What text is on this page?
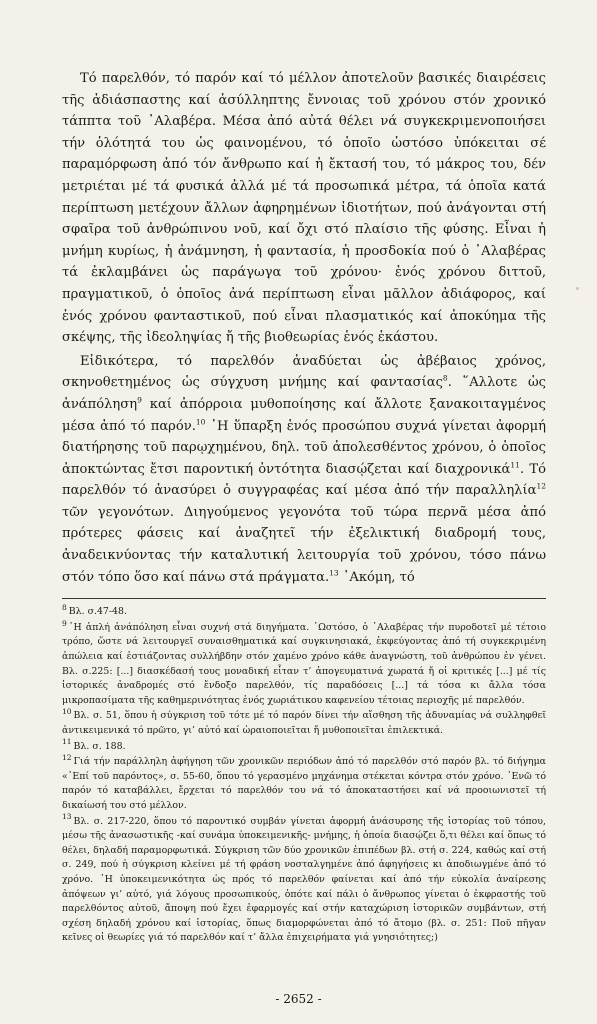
Τό παρελθόν, τό παρόν καί τό μέλλον ἀποτελοῦν βασικές διαιρέσεις τῆς ἀδιάσπαστης καί ἀσύλληπτης ἔννοιας τοῦ χρόνου στόν χρονικό τάππτα τοῦ ᾿Αλαβέρα. Μέσα ἀπό αὐτά θέλει νά συγκεκριμενοποιήσει τήν ὁλότητά του ὡς φαινομένου, τό ὁποῖο ὡστόσο ὑπόκειται σέ παραμόρφωση ἀπό τόν ἄνθρωπο καί ἡ ἔκτασή του, τό μάκρος του, δέν μετριέται μέ τά φυσικά ἀλλά μέ τά προσωπικά μέτρα, τά ὁποῖα κατά περίπτωση μετέχουν ἄλλων ἀφηρημένων ἰδιοτήτων, πού ἀνάγονται στή σφαῖρα τοῦ ἀνθρώπινου νοῦ, καί ὄχι στό πλαίσιο τῆς φύσης. Εἶναι ἡ μνήμη κυρίως, ἡ ἀνάμνηση, ἡ φαντασία, ἡ προσδοκία πού ὁ ᾿Αλαβέρας τά ἐκλαμβάνει ὡς παράγωγα τοῦ χρόνου· ἑνός χρόνου διττοῦ, πραγματικοῦ, ὁ ὁποῖος ἀνά περίπτωση εἶναι μᾶλλον ἀδιάφορος, καί ἑνός χρόνου φανταστικοῦ, πού εἶναι πλασματικός καί ἀποκύημα τῆς σκέψης, τῆς ἰδεοληψίας ἤ τῆς βιοθεωρίας ἑνός ἑκάστου.

Εἰδικότερα, τό παρελθόν ἀναδύεται ὡς ἀβέβαιος χρόνος, σκηνοθετημένος ὡς σύγχυση μνήμης καί φαντασίας$^8$. ῞Αλλοτε ὡς ἀνάπόληση$^9$ καί ἀπόρροια μυθοποίησης καί ἄλλοτε ξανακοιταγμένος μέσα ἀπό τό παρόν.$^{10}$ ῾Η ὕπαρξη ἑνός προσώπου συχνά γίνεται ἀφορμή διατήρησης τοῦ παρῳχημένου, δηλ. τοῦ ἀπολεσθέντος χρόνου, ὁ ὁποῖος ἀποκτώντας ἔτσι παροντική ὀντότητα διασῴζεται καί διαχρονικά$^{11}$. Τό παρελθόν τό ἀνασύρει ὁ συγγραφέας καί μέσα ἀπό τήν παραλληλία$^{12}$ τῶν γεγονότων. Διηγούμενος γεγονότα τοῦ τώρα περνᾶ μέσα ἀπό πρότερες φάσεις καί ἀναζητεῖ τήν ἐξελικτική διαδρομή τους, ἀναδεικνύοντας τήν καταλυτική λειτουργία τοῦ χρόνου, τόσο πάνω στόν τόπο ὅσο καί πάνω στά πράγματα.$^{13}$ ᾿Ακόμη, τό

$^8$ Βλ. σ.47-48.
$^9$ ῾Η ἁπλή ἀνάπόληση εἶναι συχνή στά διηγήματα. ᾿Ωστόσο, ὁ ᾿Αλαβέρας τήν πυροδοτεῖ μέ τέτοιο τρόπο, ὥστε νά λειτουργεῖ συναισθηματικά καί συγκινησιακά, ἐκφεύγοντας ἀπό τή συγκεκριμένη ἀπώλεια καί ἑστιάζοντας συλλήβδην στόν χαμένο χρόνο κάθε ἀναγνώστη, τοῦ ἀνθρώπου ἐν γένει. Βλ. σ.225: [...] διασκέδασή τους μοναδική εἶταν τ’ ἀπογευματινά χωρατά ἤ οἱ κριτικές [...] μέ τίς ἱστορικές ἀναδρομές στό ἔνδοξο παρελθόν, τίς παραδόσεις [...] τά τόσα κι ἄλλα τόσα μικροπασίματα τῆς καθημερινότητας ἑνός χωριάτικου καφενείου τέτοιας περιοχῆς μέ παρελθόν.
$^{10}$ Βλ. σ. 51, ὅπου ἡ σύγκριση τοῦ τότε μέ τό παρόν δίνει τήν αἴσθηση τῆς ἀδυναμίας νά συλληφθεῖ ἀντικειμενικά τό πρῶτο, γι’ αὐτό καί ὡραιοποιεῖται ἤ μυθοποιεῖται ἐπιλεκτικά.
$^{11}$ Βλ. σ. 188.
$^{12}$ Γιά τήν παράλληλη ἀφήγηση τῶν χρονικῶν περιόδων ἀπό τό παρελθόν στό παρόν βλ. τό διήγημα «᾿Επί τοῦ παρόντος», σ. 55-60, ὅπου τό γερασμένο μηχάνημα στέκεται κόντρα στόν χρόνο. ᾿Ενῶ τό παρόν τό καταβάλλει, ἔρχεται τό παρελθόν του νά τό ἀποκαταστήσει καί νά προοιωνιστεῖ τή δικαίωσή του στό μέλλον.
$^{13}$ Βλ. σ. 217-220, ὅπου τό παροντικό συμβάν γίνεται ἀφορμή ἀνάσυρσης τῆς ἱστορίας τοῦ τόπου, μέσω τῆς ἀνασωστικῆς -καί συνάμα ὑποκειμενικῆς- μνήμης, ἡ ὁποία διασῴζει ὅ,τι θέλει καί ὅπως τό θέλει, δηλαδή παραμορφωτικά. Σύγκριση τῶν δύο χρονικῶν ἐπιπέδων βλ. στή σ. 224, καθώς καί στή σ. 249, πού ἡ σύγκριση κλείνει μέ τή φράση νοσταλγημένε ἀπό ἀφηγήσεις κι ἀποδιωγμένε ἀπό τό χρόνο. ῾Η ὑποκειμενικότητα ὡς πρός τό παρελθόν φαίνεται καί ἀπό τήν εὐκολία ἀναίρεσης ἀπόψεων γι’ αὐτό, γιά λόγους προσωπικούς, ὁπότε καί πάλι ὁ ἄνθρωπος γίνεται ὁ ἐκφραστής τοῦ παρελθόντος αὐτοῦ, ἄποψη πού ἔχει ἐφαρμογές καί στήν καταχώριση ἱστορικῶν συμβάντων, στή σχέση δηλαδή χρόνου καί ἱστορίας, ὅπως διαμορφώνεται ἀπό τό ἄτομο (βλ. σ. 251: Ποῦ πῆγαν κεῖνες οἱ θεωρίες γιά τό παρελθόν καί τ’ ἄλλα ἐπιχειρήματα γιά γνησιότητες;)
- 2652 -
